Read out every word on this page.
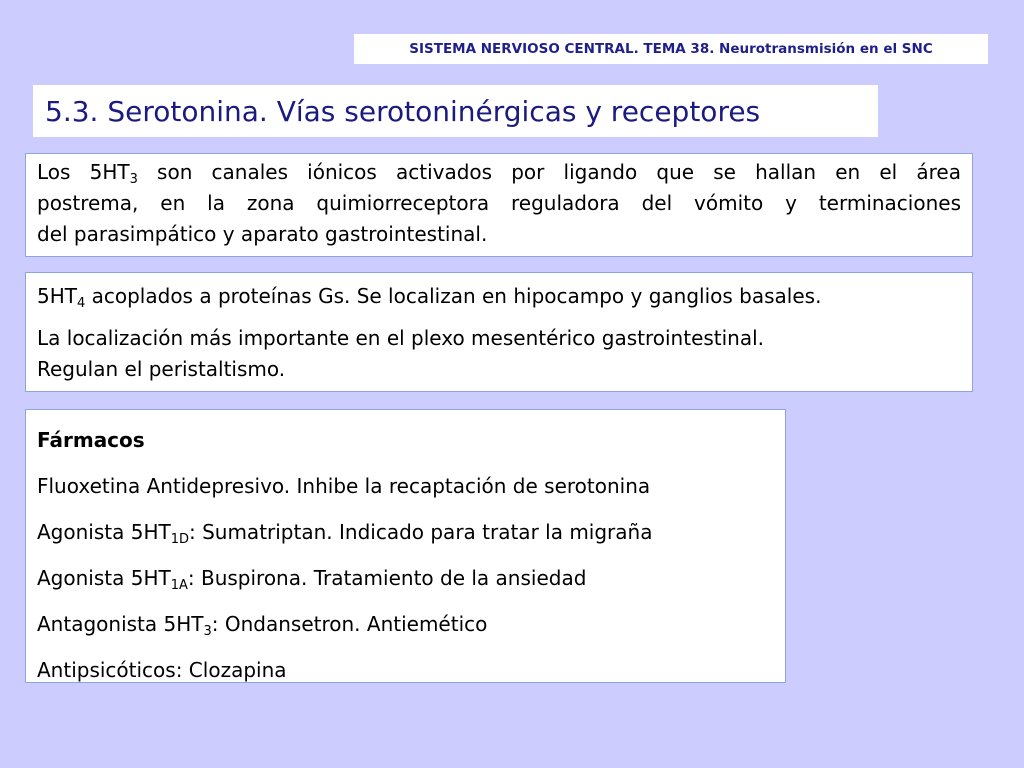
SISTEMA NERVIOSO CENTRAL. TEMA 38. Neurotransmisión en el SNC
5.3. Serotonina. Vías serotoninérgicas y receptores
Los $5HT_3$ son canales iónicos activados por ligando que se hallan en el área
postrema, en la zona quimiorreceptora reguladora del vómito y terminaciones
del parasimpático y aparato gastrointestinal.

$5HT_4$ acoplados a proteínas Gs. Se localizan en hipocampo y ganglios basales.

La localización más importante en el plexo mesentérico gastrointestinal.

Regulan el peristaltismo.

Fármacos

Fluoxetina Antidepresivo. Inhibe la recaptación de serotonina

Agonista $5HT_{1D}$: Sumatriptan. Indicado para tratar la migraña

Agonista $5HT_{1A}$: Buspirona. Tratamiento de la ansiedad

Antagonista $5HT_3$: Ondansetron. Antiemético

Antipsicóticos: Clozapina
